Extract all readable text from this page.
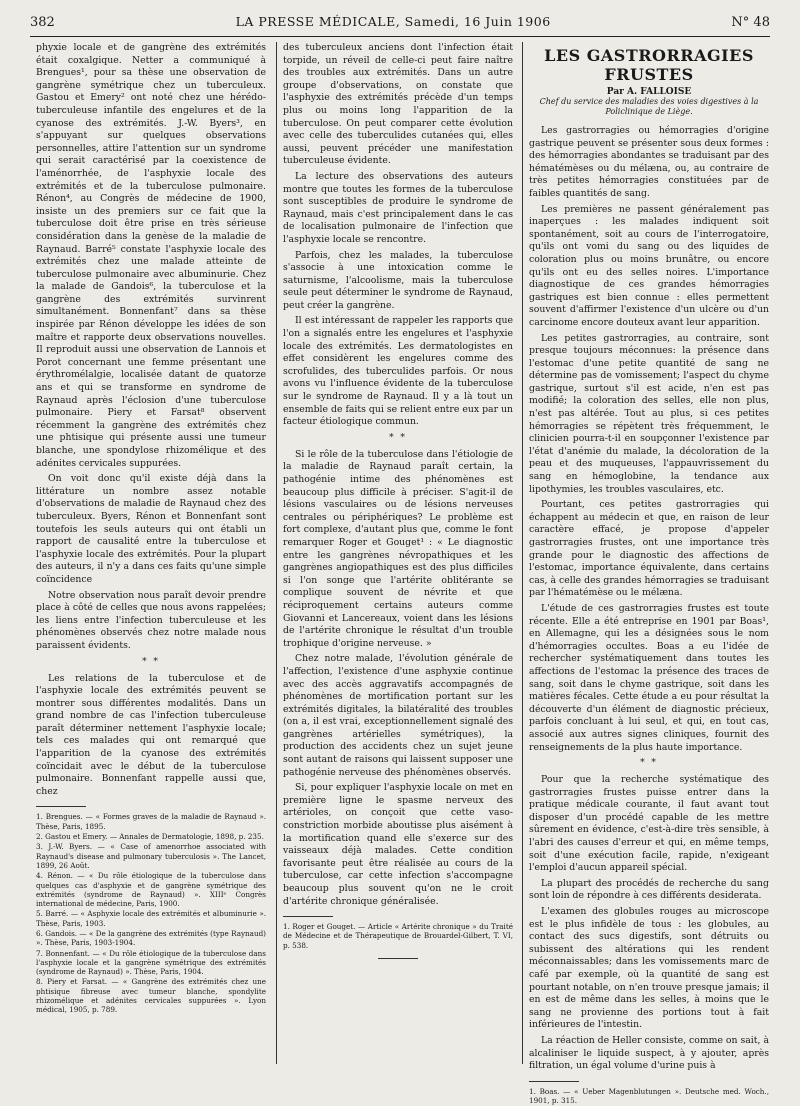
382	LA PRESSE MÉDICALE, Samedi, 16 Juin 1906	N° 48

phyxie locale et de gangrène des extrémités était coxalgique. Netter a communiqué à Brengues¹, pour sa thèse une observation de gangrène symétrique chez un tuberculeux. Gastou et Emery² ont noté chez une hérédo-tuberculeuse infantile des engelures et de la cyanose des extrémités. J.-W. Byers³, en s'appuyant sur quelques observations personnelles, attire l'attention sur un syndrome qui serait caractérisé par la coexistence de l'aménorrhée, de l'asphyxie locale des extrémités et de la tuberculose pulmonaire. Rénon⁴, au Congrès de médecine de 1900, insiste un des premiers sur ce fait que la tuberculose doit être prise en très sérieuse considération dans la genèse de la maladie de Raynaud. Barré⁵ constate l'asphyxie locale des extrémités chez une malade atteinte de tuberculose pulmonaire avec albuminurie. Chez la malade de Gandois⁶, la tuberculose et la gangrène des extrémités survinrent simultanément. Bonnenfant⁷ dans sa thèse inspirée par Rénon développe les idées de son maître et rapporte deux observations nouvelles. Il reproduit aussi une observation de Lannois et Porot concernant une femme présentant une érythromélalgie, localisée datant de quatorze ans et qui se transforme en syndrome de Raynaud après l'éclosion d'une tuberculose pulmonaire. Piery et Farsat⁸ observent récemment la gangrène des extrémités chez une phtisique qui présente aussi une tumeur blanche, une spondylose rhizomélique et des adénites cervicales suppurées.

On voit donc qu'il existe déjà dans la littérature un nombre assez notable d'observations de maladie de Raynaud chez des tuberculeux. Byers, Rénon et Bonnenfant sont toutefois les seuls auteurs qui ont établi un rapport de causalité entre la tuberculose et l'asphyxie locale des extrémités. Pour la plupart des auteurs, il n'y a dans ces faits qu'une simple coïncidence

Notre observation nous paraît devoir prendre place à côté de celles que nous avons rappelées; les liens entre l'infection tuberculeuse et les phénomènes observés chez notre malade nous paraissent évidents.

* *

Les relations de la tuberculose et de l'asphyxie locale des extrémités peuvent se montrer sous différentes modalités. Dans un grand nombre de cas l'infection tuberculeuse paraît déterminer nettement l'asphyxie locale; tels ces malades qui ont remarqué que l'apparition de la cyanose des extrémités coïncidait avec le début de la tuberculose pulmonaire. Bonnenfant rappelle aussi que, chez

1. Brengues. — « Formes graves de la maladie de Raynaud ». Thèse, Paris, 1895.

2. Gastou et Emery. — Annales de Dermatologie, 1898, p. 235.

3. J.-W. Byers. — « Case of amenorrhoe associated with Raynaud's disease and pulmonary tuberculosis ». The Lancet, 1899, 26 Août.

4. Rénon. — « Du rôle étiologique de la tuberculose dans quelques cas d'asphyxie et de gangrène symétrique des extrémités (syndrome de Raynaud) ». XIIIᵉ Congrès international de médecine, Paris, 1900.

5. Barré. — « Asphyxie locale des extrémités et albuminurie ». Thèse, Paris, 1903.

6. Gandois. — « De la gangrène des extrémités (type Raynaud) ». Thèse, Paris, 1903-1904.

7. Bonnenfant. — « Du rôle étiologique de la tuberculose dans l'asphyxie locale et la gangrène symétrique des extrémités (syndrome de Raynaud) ». Thèse, Paris, 1904.

8. Piery et Farsat. — « Gangrène des extrémités chez une phtisique fibreuse avec tumeur blanche, spondylite rhizomélique et adénites cervicales suppurées ». Lyon médical, 1905, p. 789.

des tuberculeux anciens dont l'infection était torpide, un réveil de celle-ci peut faire naître des troubles aux extrémités. Dans un autre groupe d'observations, on constate que l'asphyxie des extrémités précède d'un temps plus ou moins long l'apparition de la tuberculose. On peut comparer cette évolution avec celle des tuberculides cutanées qui, elles aussi, peuvent précéder une manifestation tuberculeuse évidente.

La lecture des observations des auteurs montre que toutes les formes de la tuberculose sont susceptibles de produire le syndrome de Raynaud, mais c'est principalement dans le cas de localisation pulmonaire de l'infection que l'asphyxie locale se rencontre.

Parfois, chez les malades, la tuberculose s'associe à une intoxication comme le saturnisme, l'alcoolisme, mais la tuberculose seule peut déterminer le syndrome de Raynaud, peut créer la gangrène.

Il est intéressant de rappeler les rapports que l'on a signalés entre les engelures et l'asphyxie locale des extrémités. Les dermatologistes en effet considèrent les engelures comme des scrofulides, des tuberculides parfois. Or nous avons vu l'influence évidente de la tuberculose sur le syndrome de Raynaud. Il y a là tout un ensemble de faits qui se relient entre eux par un facteur étiologique commun.

* *

Si le rôle de la tuberculose dans l'étiologie de la maladie de Raynaud paraît certain, la pathogénie intime des phénomènes est beaucoup plus difficile à préciser. S'agit-il de lésions vasculaires ou de lésions nerveuses centrales ou périphériques? Le problème est fort complexe, d'autant plus que, comme le font remarquer Roger et Gouget¹ : « Le diagnostic entre les gangrènes névropathiques et les gangrènes angiopathiques est des plus difficiles si l'on songe que l'artérite oblitérante se complique souvent de névrite et que réciproquement certains auteurs comme Giovanni et Lancereaux, voient dans les lésions de l'artérite chronique le résultat d'un trouble trophique d'origine nerveuse. »

Chez notre malade, l'évolution générale de l'affection, l'existence d'une asphyxie continue avec des accès aggravatifs accompagnés de phénomènes de mortification portant sur les extrémités digitales, la bilatéralité des troubles (on a, il est vrai, exceptionnellement signalé des gangrènes artérielles symétriques), la production des accidents chez un sujet jeune sont autant de raisons qui laissent supposer une pathogénie nerveuse des phénomènes observés.

Si, pour expliquer l'asphyxie locale on met en première ligne le spasme nerveux des artérioles, on conçoit que cette vaso-constriction morbide aboutisse plus aisément à la mortification quand elle s'exerce sur des vaisseaux déjà malades. Cette condition favorisante peut être réalisée au cours de la tuberculose, car cette infection s'accompagne beaucoup plus souvent qu'on ne le croit d'artérite chronique généralisée.

1. Roger et Gouget. — Article « Artérite chronique » du Traité de Médecine et de Thérapeutique de Brouardel-Gilbert, T. VI, p. 538.

LES GASTRORRAGIES FRUSTES

Par A. FALLOISE

Chef du service des maladies des voies digestives à la Policlinique de Liège.

Les gastrorragies ou hémorragies d'origine gastrique peuvent se présenter sous deux formes : des hémorragies abondantes se traduisant par des hématémèses ou du mélæna, ou, au contraire de très petites hémorragies constituées par de faibles quantités de sang.

Les premières ne passent généralement pas inaperçues : les malades indiquent soit spontanément, soit au cours de l'interrogatoire, qu'ils ont vomi du sang ou des liquides de coloration plus ou moins brunâtre, ou encore qu'ils ont eu des selles noires. L'importance diagnostique de ces grandes hémorragies gastriques est bien connue : elles permettent souvent d'affirmer l'existence d'un ulcère ou d'un carcinome encore douteux avant leur apparition.

Les petites gastrorragies, au contraire, sont presque toujours méconnues: la présence dans l'estomac d'une petite quantité de sang ne détermine pas de vomissement; l'aspect du chyme gastrique, surtout s'il est acide, n'en est pas modifié; la coloration des selles, elle non plus, n'est pas altérée. Tout au plus, si ces petites hémorragies se répètent très fréquemment, le clinicien pourra-t-il en soupçonner l'existence par l'état d'anémie du malade, la décoloration de la peau et des muqueuses, l'appauvrissement du sang en hémoglobine, la tendance aux lipothymies, les troubles vasculaires, etc.

Pourtant, ces petites gastrorragies qui échappent au médecin et que, en raison de leur caractère effacé, je propose d'appeler gastrorragies frustes, ont une importance très grande pour le diagnostic des affections de l'estomac, importance équivalente, dans certains cas, à celle des grandes hémorragies se traduisant par l'hématémèse ou le mélæna.

L'étude de ces gastrorragies frustes est toute récente. Elle a été entreprise en 1901 par Boas¹, en Allemagne, qui les a désignées sous le nom d'hémorragies occultes. Boas a eu l'idée de rechercher systématiquement dans toutes les affections de l'estomac la présence des traces de sang, soit dans le chyme gastrique, soit dans les matières fécales. Cette étude a eu pour résultat la découverte d'un élément de diagnostic précieux, parfois concluant à lui seul, et qui, en tout cas, associé aux autres signes cliniques, fournit des renseignements de la plus haute importance.

* *

Pour que la recherche systématique des gastrorragies frustes puisse entrer dans la pratique médicale courante, il faut avant tout disposer d'un procédé capable de les mettre sûrement en évidence, c'est-à-dire très sensible, à l'abri des causes d'erreur et qui, en même temps, soit d'une exécution facile, rapide, n'exigeant l'emploi d'aucun appareil spécial.

La plupart des procédés de recherche du sang sont loin de répondre à ces différents desiderata.

L'examen des globules rouges au microscope est le plus infidèle de tous : les globules, au contact des sucs digestifs, sont détruits ou subissent des altérations qui les rendent méconnaissables; dans les vomissements marc de café par exemple, où la quantité de sang est pourtant notable, on n'en trouve presque jamais; il en est de même dans les selles, à moins que le sang ne provienne des portions tout à fait inférieures de l'intestin.

La réaction de Heller consiste, comme on sait, à alcaliniser le liquide suspect, à y ajouter, après filtration, un égal volume d'urine puis à

1. Boas. — « Ueber Magenblutungen ». Deutsche med. Woch., 1901, p. 315.
